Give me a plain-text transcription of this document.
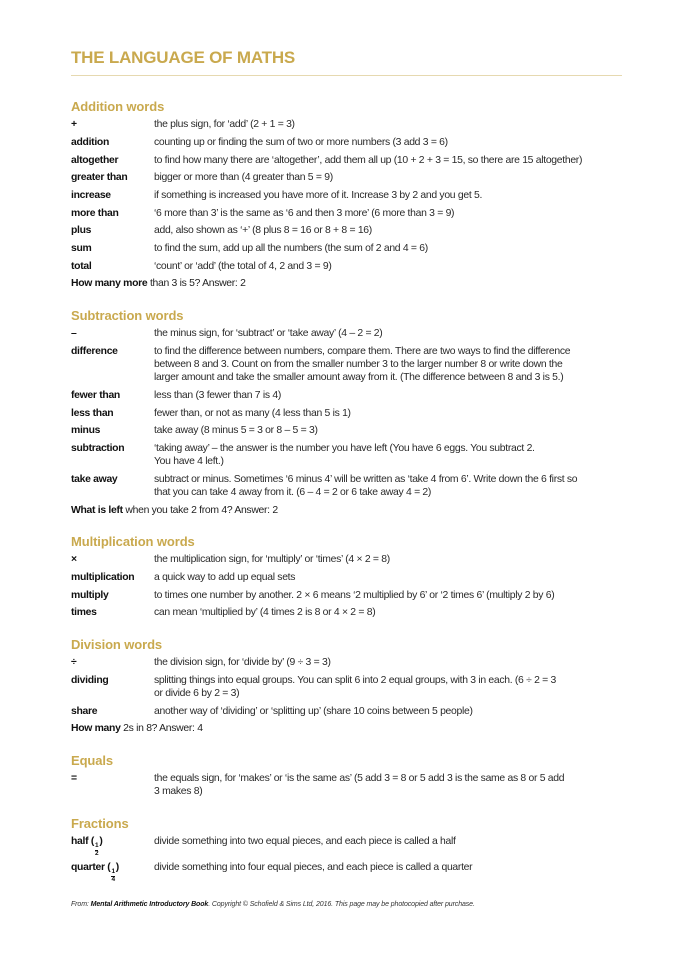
THE LANGUAGE OF MATHS
Addition words
+	the plus sign, for ‘add’ (2 + 1 = 3)
addition	counting up or finding the sum of two or more numbers (3 add 3 = 6)
altogether	to find how many there are ‘altogether’, add them all up (10 + 2 + 3 = 15, so there are 15 altogether)
greater than	bigger or more than (4 greater than 5 = 9)
increase	if something is increased you have more of it. Increase 3 by 2 and you get 5.
more than	‘6 more than 3’ is the same as ‘6 and then 3 more’ (6 more than 3 = 9)
plus	add, also shown as ‘+’ (8 plus 8 = 16 or 8 + 8 = 16)
sum	to find the sum, add up all the numbers (the sum of 2 and 4 = 6)
total	‘count’ or ‘add’ (the total of 4, 2 and 3 = 9)
How many more than 3 is 5? Answer: 2
Subtraction words
–	the minus sign, for ‘subtract’ or ‘take away’ (4 – 2 = 2)
difference	to find the difference between numbers, compare them. There are two ways to find the difference
between 8 and 3. Count on from the smaller number 3 to the larger number 8 or write down the
larger amount and take the smaller amount away from it. (The difference between 8 and 3 is 5.)
fewer than	less than (3 fewer than 7 is 4)
less than	fewer than, or not as many (4 less than 5 is 1)
minus	take away (8 minus 5 = 3 or 8 – 5 = 3)
subtraction	‘taking away’ – the answer is the number you have left (You have 6 eggs. You subtract 2.
You have 4 left.)
take away	subtract or minus. Sometimes ‘6 minus 4’ will be written as ‘take 4 from 6’. Write down the 6 first so
that you can take 4 away from it. (6 – 4 = 2 or 6 take away 4 = 2)
What is left when you take 2 from 4? Answer: 2
Multiplication words
×	the multiplication sign, for ‘multiply’ or ‘times’ (4 × 2 = 8)
multiplication	a quick way to add up equal sets
multiply	to times one number by another. 2 × 6 means ‘2 multiplied by 6’ or ‘2 times 6’ (multiply 2 by 6)
times	can mean ‘multiplied by’ (4 times 2 is 8 or 4 × 2 = 8)
Division words
÷	the division sign, for ‘divide by’ (9 ÷ 3 = 3)
dividing	splitting things into equal groups. You can split 6 into 2 equal groups, with 3 in each. (6 ÷ 2 = 3
or divide 6 by 2 = 3)
share	another way of ‘dividing’ or ‘splitting up’ (share 10 coins between 5 people)
How many 2s in 8? Answer: 4
Equals
=	the equals sign, for ‘makes’ or ‘is the same as’ (5 add 3 = 8 or 5 add 3 is the same as 8 or 5 add
3 makes 8)
Fractions
half (
$\frac{1}{2}$
)	divide something into two equal pieces, and each piece is called a half
quarter (
$\frac{1}{4}$
)	divide something into four equal pieces, and each piece is called a quarter
From: Mental Arithmetic Introductory Book. Copyright © Schofield & Sims Ltd, 2016. This page may be photocopied after purchase.
